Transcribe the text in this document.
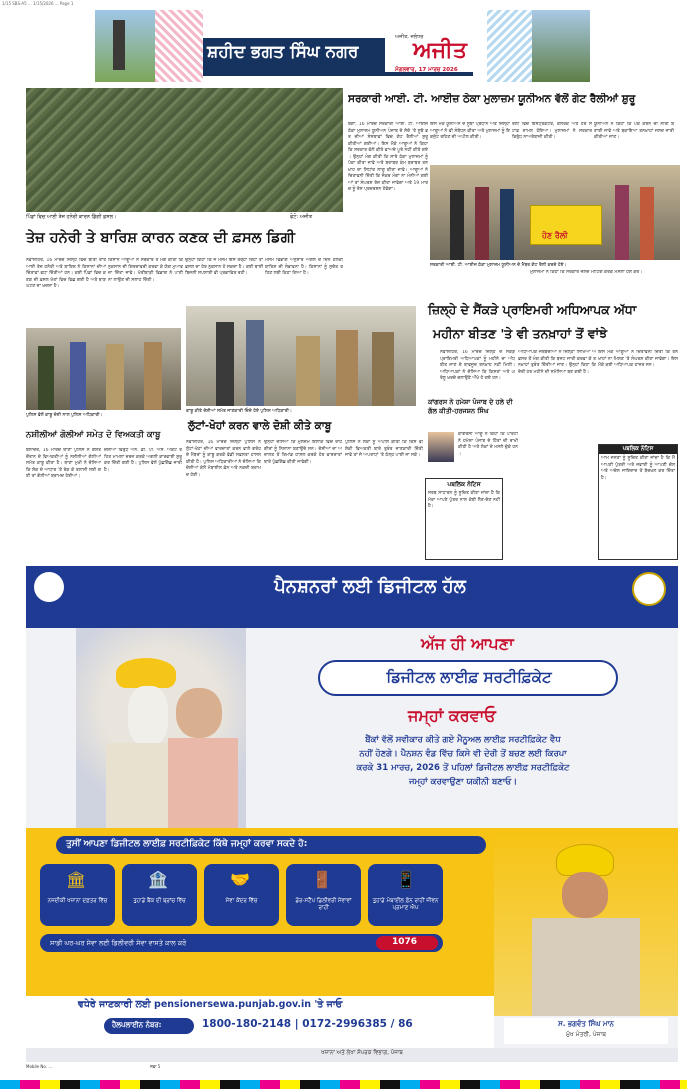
1/15 SBS-A5 ... 1/15/2026 ... Page 1
ਸ਼ਹੀਦ ਭਗਤ ਸਿੰਘ ਨਗਰ
ਅਜੀਤ, ਜਲੰਧਰ
ਅਜੀਤ
ਮੰਗਲਵਾਰ, 17 ਮਾਰਚ 2026
ਪਿੰਡਾਂ ਵਿਚ ਆਈ ਤੇਜ਼ ਹਨੇਰੀ ਕਾਰਨ ਡਿੱਗੀ ਫ਼ਸਲ।	ਫੋਟੋ: ਅਜੀਤ
ਤੇਜ਼ ਹਨੇਰੀ ਤੇ ਬਾਰਿਸ਼ ਕਾਰਨ ਕਣਕ ਦੀ ਫ਼ਸਲ ਡਿਗੀ
ਨਵਾਂਸ਼ਹਿਰ, 16 ਮਾਰਚ ਜ਼ਿਲ੍ਹੇ ਵਿਚ ਬੀਤੀ ਰਾਤ ਆਈ ਤੇਜ਼ ਹਨੇਰੀ ਅਤੇ ਬਾਰਿਸ਼ ਨੇ ਕਿਸਾਨਾਂ ਦੀਆਂ ਚਿੰਤਾਵਾਂ ਵਧਾ ਦਿੱਤੀਆਂ ਹਨ। ਕਈ ਪਿੰਡਾਂ ਵਿਚ ਕਣਕ ਦੀ ਫ਼ਸਲ ਖੇਤਾਂ ਵਿਚ ਵਿਛ ਗਈ ਹੈ ਅਤੇ ਝਾੜ ਘਟਣ ਦਾ ਖ਼ਦਸ਼ਾ ਹੈ।
ਕਿਸਾਨ ਆਗੂਆਂ ਨੇ ਸਰਕਾਰ ਤੋਂ ਮੰਗ ਕੀਤੀ ਕਿ ਨੁਕਸਾਨ ਦੀ ਗਿਰਦਾਵਰੀ ਕਰਵਾ ਕੇ ਯੋਗ ਮੁਆਵਜ਼ਾ ਦਿੱਤਾ ਜਾਵੇ। ਖੇਤੀਬਾੜੀ ਵਿਭਾਗ ਨੇ ਪਾਣੀ ਨਾ ਲਾਉਣ ਦੀ ਸਲਾਹ ਦਿੱਤੀ।
ਉਨ੍ਹਾਂ ਕਿਹਾ ਕਿ ਜੇ ਮੌਸਮ ਇਸੇ ਤਰ੍ਹਾਂ ਰਿਹਾ ਤਾਂ ਫ਼ਸਲ ਦਾ ਹੋਰ ਨੁਕਸਾਨ ਹੋ ਸਕਦਾ ਹੈ। ਕਈ ਥਾਈਂ ਬਿਜਲੀ ਸਪਲਾਈ ਵੀ ਪ੍ਰਭਾਵਿਤ ਰਹੀ।
ਮੌਸਮ ਵਿਭਾਗ ਅਨੁਸਾਰ ਅਗਲੇ ਦੋ ਦਿਨ ਹਲਕੀ ਬਾਰਿਸ਼ ਦੀ ਸੰਭਾਵਨਾ ਹੈ। ਕਿਸਾਨਾਂ ਨੂੰ ਸੁਚੇਤ ਰਹਿਣ ਲਈ ਕਿਹਾ ਗਿਆ ਹੈ।
ਸਰਕਾਰੀ ਆਈ. ਟੀ. ਆਈਜ਼ ਠੇਕਾ ਮੁਲਾਜ਼ਮ ਯੂਨੀਅਨ ਵੱਲੋਂ ਗੇਟ ਰੈਲੀਆਂ ਸ਼ੁਰੂ
ਬੰਗਾ, 16 ਮਾਰਚ ਸਰਕਾਰੀ ਆਈ. ਟੀ. ਆਈਜ਼ ਠੇਕਾ ਮੁਲਾਜ਼ਮ ਯੂਨੀਅਨ ਪੰਜਾਬ ਦੇ ਸੱਦੇ 'ਤੇ ਸੂਬੇ ਭਰ ਦੀਆਂ ਸੰਸਥਾਵਾਂ ਵਿਚ ਗੇਟ ਰੈਲੀਆਂ ਸ਼ੁਰੂ ਕੀਤੀਆਂ ਗਈਆਂ। ਇਸ ਮੌਕੇ ਆਗੂਆਂ ਨੇ ਕਿਹਾ ਕਿ ਸਰਕਾਰ ਵੱਲੋਂ ਕੀਤੇ ਵਾਅਦੇ ਪੂਰੇ ਨਹੀਂ ਕੀਤੇ ਗਏ। ਉਨ੍ਹਾਂ ਮੰਗ ਕੀਤੀ ਕਿ ਸਾਰੇ ਠੇਕਾ ਮੁਲਾਜ਼ਮਾਂ ਨੂੰ ਪੱਕਾ ਕੀਤਾ ਜਾਵੇ ਅਤੇ ਬਰਾਬਰ ਕੰਮ ਬਰਾਬਰ ਤਨਖ਼ਾਹ ਦਾ ਸਿਧਾਂਤ ਲਾਗੂ ਕੀਤਾ ਜਾਵੇ। ਆਗੂਆਂ ਨੇ ਚਿਤਾਵਨੀ ਦਿੱਤੀ ਕਿ ਜੇਕਰ ਮੰਗਾਂ ਨਾ ਮੰਨੀਆਂ ਗਈਆਂ ਤਾਂ ਸੰਘਰਸ਼ ਤੇਜ਼ ਕੀਤਾ ਜਾਵੇਗਾ ਅਤੇ 19 ਮਾਰਚ ਨੂੰ ਰੋਸ ਪ੍ਰਦਰਸ਼ਨ ਹੋਵੇਗਾ।
ਇਸ ਮੌਕੇ ਯੂਨੀਅਨ ਦੇ ਸੂਬਾ ਪ੍ਰਧਾਨ ਅਤੇ ਜ਼ਿਲ੍ਹਾ ਆਗੂਆਂ ਨੇ ਵੀ ਸੰਬੋਧਨ ਕੀਤਾ ਅਤੇ ਮੁਲਾਜ਼ਮਾਂ ਨੂੰ ਇਕਜੁੱਟ ਰਹਿਣ ਦੀ ਅਪੀਲ ਕੀਤੀ।
ਰੈਲੀ ਵਿਚ ਇੰਸਟ੍ਰਕਟਰ, ਕਲਰਕ ਅਤੇ ਹੋਰ ਸਟਾਫ਼ ਸ਼ਾਮਲ ਹੋਇਆ। ਮੁਲਾਜ਼ਮਾਂ ਨੇ ਸਰਕਾਰ ਵਿਰੁੱਧ ਨਾਅਰੇਬਾਜ਼ੀ ਕੀਤੀ।
ਯੂਨੀਅਨ ਨੇ ਕਿਹਾ ਕਿ ਪੱਕੇ ਕਰਨ ਦੀ ਨੀਤੀ ਬਣਾਈ ਜਾਵੇ ਅਤੇ ਬਕਾਇਆ ਤਨਖ਼ਾਹਾਂ ਜਲਦ ਜਾਰੀ ਕੀਤੀਆਂ ਜਾਣ।
ਹੋਣ ਰੈਲੀ
ਸਰਕਾਰੀ ਆਈ. ਟੀ. ਆਈਜ਼ ਠੇਕਾ ਮੁਲਾਜ਼ਮ ਯੂਨੀਅਨ ਦੇ ਮੈਂਬਰ ਗੇਟ ਰੈਲੀ ਕਰਦੇ ਹੋਏ।
ਮੁਲਾਜ਼ਮਾਂ ਨੇ ਕਿਹਾ ਕਿ ਸਰਕਾਰ ਜਲਦ ਮੀਟਿੰਗ ਕਰਕੇ ਮਸਲਾ ਹੱਲ ਕਰੇ।
ਜ਼ਿਲ੍ਹੇ ਦੇ ਸੈਂਕੜੇ ਪ੍ਰਾਇਮਰੀ ਅਧਿਆਪਕ ਅੱਧਾ
ਮਹੀਨਾ ਬੀਤਣ 'ਤੇ ਵੀ ਤਨਖ਼ਾਹਾਂ ਤੋਂ ਵਾਂਝੇ
ਨਵਾਂਸ਼ਹਿਰ, 16 ਮਾਰਚ ਜ਼ਿਲ੍ਹੇ ਦੇ ਸੈਂਕੜੇ ਪ੍ਰਾਇਮਰੀ ਅਧਿਆਪਕਾਂ ਨੂੰ ਮਹੀਨੇ ਦਾ ਅੱਧ ਬੀਤ ਜਾਣ ਦੇ ਬਾਵਜੂਦ ਤਨਖ਼ਾਹ ਨਹੀਂ ਮਿਲੀ। ਅਧਿਆਪਕਾਂ ਨੇ ਦੱਸਿਆ ਕਿ ਕਿਸ਼ਤਾਂ ਅਤੇ ਘਰੇਲੂ ਖ਼ਰਚੇ ਚਲਾਉਣੇ ਔਖੇ ਹੋ ਗਏ ਹਨ।
ਅਧਿਆਪਕ ਜਥੇਬੰਦੀਆਂ ਨੇ ਜ਼ਿਲ੍ਹਾ ਸਿੱਖਿਆ ਅਫ਼ਸਰ ਤੋਂ ਮੰਗ ਕੀਤੀ ਕਿ ਬਜਟ ਜਾਰੀ ਕਰਵਾ ਕੇ ਤਨਖ਼ਾਹਾਂ ਤੁਰੰਤ ਦਿੱਤੀਆਂ ਜਾਣ। ਉਨ੍ਹਾਂ ਕਿਹਾ ਕਿ ਦੇਰੀ ਹਰ ਮਹੀਨੇ ਦੀ ਸਮੱਸਿਆ ਬਣ ਗਈ ਹੈ।
ਇਸ ਮੌਕੇ ਆਗੂਆਂ ਨੇ ਚਿਤਾਵਨੀ ਦਿੱਤੀ ਕਿ ਤਨਖ਼ਾਹਾਂ ਨਾ ਮਿਲਣ 'ਤੇ ਸੰਘਰਸ਼ ਕੀਤਾ ਜਾਵੇਗਾ। ਇਸ ਮੌਕੇ ਕਈ ਅਧਿਆਪਕ ਹਾਜ਼ਰ ਸਨ।
ਕਾਂਗਰਸ ਨੇ ਹਮੇਸ਼ਾ ਪੰਜਾਬ ਦੇ ਹਲੇ ਦੀ ਗੱਲ ਕੀਤੀ-ਹਰਜਸ਼ਨ ਸਿੰਘ
ਕਾਂਗਰਸੀ ਆਗੂ ਨੇ ਕਿਹਾ ਕਿ ਪਾਰਟੀ ਨੇ ਹਮੇਸ਼ਾ ਪੰਜਾਬ ਦੇ ਹਿੱਤਾਂ ਦੀ ਰਾਖੀ ਕੀਤੀ ਹੈ ਅਤੇ ਲੋਕਾਂ ਦੇ ਮਸਲੇ ਚੁੱਕੇ ਹਨ।
ਪੁਲਿਸ ਵੱਲੋਂ ਕਾਬੂ ਦੋਸ਼ੀ ਨਾਲ ਪੁਲਿਸ ਅਧਿਕਾਰੀ।
ਨਸ਼ੀਲੀਆਂ ਗੋਲੀਆਂ ਸਮੇਤ ਦੋ ਵਿਅਕਤੀ ਕਾਬੂ
ਬਲਾਚੌਰ, 16 ਮਾਰਚ ਥਾਣਾ ਪੁਲਿਸ ਨੇ ਗਸ਼ਤ ਦੌਰਾਨ ਦੋ ਵਿਅਕਤੀਆਂ ਨੂੰ ਨਸ਼ੀਲੀਆਂ ਗੋਲੀਆਂ ਸਮੇਤ ਕਾਬੂ ਕੀਤਾ ਹੈ। ਥਾਣਾ ਮੁਖੀ ਨੇ ਦੱਸਿਆ ਕਿ ਸ਼ੱਕ ਦੇ ਆਧਾਰ 'ਤੇ ਰੋਕ ਕੇ ਤਲਾਸ਼ੀ ਲਈ ਗਈ ਤਾਂ ਗੋਲੀਆਂ ਬਰਾਮਦ ਹੋਈਆਂ।
ਦੋਸ਼ੀਆਂ ਵਿਰੁੱਧ ਐਨ. ਡੀ. ਪੀ. ਐਸ. ਐਕਟ ਤਹਿਤ ਮਾਮਲਾ ਦਰਜ ਕਰਕੇ ਅਗਲੀ ਕਾਰਵਾਈ ਸ਼ੁਰੂ ਕਰ ਦਿੱਤੀ ਗਈ ਹੈ। ਪੁਲਿਸ ਵੱਲੋਂ ਪੁੱਛਗਿੱਛ ਜਾਰੀ ਹੈ।
ਕਾਬੂ ਕੀਤੇ ਦੋਸ਼ੀਆਂ ਸਮੇਤ ਜਾਣਕਾਰੀ ਦਿੰਦੇ ਹੋਏ ਪੁਲਿਸ ਅਧਿਕਾਰੀ।
ਲੁੱਟਾਂ-ਖੋਹਾਂ ਕਰਨ ਵਾਲੇ ਦੋਸ਼ੀ ਕੀਤੇ ਕਾਬੂ
ਨਵਾਂਸ਼ਹਿਰ, 16 ਮਾਰਚ ਜ਼ਿਲ੍ਹਾ ਪੁਲਿਸ ਨੇ ਲੁੱਟਾਂ-ਖੋਹਾਂ ਦੀਆਂ ਵਾਰਦਾਤਾਂ ਕਰਨ ਵਾਲੇ ਗਰੋਹ ਦੇ ਮੈਂਬਰਾਂ ਨੂੰ ਕਾਬੂ ਕਰਕੇ ਵੱਡੀ ਸਫ਼ਲਤਾ ਹਾਸਲ ਕੀਤੀ ਹੈ। ਪੁਲਿਸ ਅਧਿਕਾਰੀਆਂ ਨੇ ਦੱਸਿਆ ਕਿ ਦੋਸ਼ੀਆਂ ਕੋਲੋਂ ਮੋਬਾਈਲ ਫ਼ੋਨ ਅਤੇ ਨਕਦੀ ਬਰਾਮਦ ਹੋਈ।
ਉਨ੍ਹਾਂ ਦੱਸਿਆ ਕਿ ਮੁਲਜ਼ਮ ਇਲਾਕੇ ਵਿਚ ਰਾਹਗੀਰਾਂ ਨੂੰ ਨਿਸ਼ਾਨਾ ਬਣਾਉਂਦੇ ਸਨ। ਦੋਸ਼ੀਆਂ ਦਾ ਅਦਾਲਤ ਤੋਂ ਰਿਮਾਂਡ ਹਾਸਲ ਕਰਕੇ ਹੋਰ ਵਾਰਦਾਤਾਂ ਬਾਰੇ ਪੁੱਛਗਿੱਛ ਕੀਤੀ ਜਾਵੇਗੀ।
ਪੁਲਿਸ ਨੇ ਲੋਕਾਂ ਨੂੰ ਅਪੀਲ ਕੀਤੀ ਕਿ ਕਿਸੇ ਵੀ ਸ਼ੱਕੀ ਵਿਅਕਤੀ ਬਾਰੇ ਤੁਰੰਤ ਜਾਣਕਾਰੀ ਦਿੱਤੀ ਜਾਵੇ ਤਾਂ ਜੋ ਅਪਰਾਧਾਂ 'ਤੇ ਠੱਲ੍ਹ ਪਾਈ ਜਾ ਸਕੇ।
ਪਬਲਿਕ ਨੋਟਿਸ
ਸਰਬ ਸਾਧਾਰਨ ਨੂੰ ਸੂਚਿਤ ਕੀਤਾ ਜਾਂਦਾ ਹੈ ਕਿ ਮੇਰਾ ਆਪਣੇ ਪੁੱਤਰ ਨਾਲ ਕੋਈ ਲੈਣ-ਦੇਣ ਨਹੀਂ ਹੈ।
ਪਬਲਿਕ ਨੋਟਿਸ
ਆਮ ਜਨਤਾ ਨੂੰ ਸੂਚਿਤ ਕੀਤਾ ਜਾਂਦਾ ਹੈ ਕਿ ਮੈਂ ਆਪਣੀ ਪੁੱਤਰੀ ਅਤੇ ਜਵਾਈ ਨੂੰ ਆਪਣੀ ਚੱਲ ਅਤੇ ਅਚੱਲ ਜਾਇਦਾਦ ਤੋਂ ਬੇਦਖ਼ਲ ਕਰ ਦਿੱਤਾ ਹੈ।
ਪੈਨਸ਼ਨਰਾਂ ਲਈ ਡਿਜੀਟਲ ਹੱਲ
ਅੱਜ ਹੀ ਆਪਣਾ
ਡਿਜੀਟਲ ਲਾਈਫ਼ ਸਰਟੀਫ਼ਿਕੇਟ
ਜਮ੍ਹਾਂ ਕਰਵਾਓ
ਬੈਂਕਾਂ ਵੱਲੋਂ ਸਵੀਕਾਰ ਕੀਤੇ ਗਏ ਮੈਨੂਅਲ ਲਾਈਫ਼ ਸਰਟੀਫ਼ਿਕੇਟ ਵੈਧ
ਨਹੀਂ ਹੋਣਗੇ। ਪੈਨਸ਼ਨ ਵੰਡ ਵਿੱਚ ਕਿਸੇ ਵੀ ਦੇਰੀ ਤੋਂ ਬਚਣ ਲਈ ਕਿਰਪਾ
ਕਰਕੇ 31 ਮਾਰਚ, 2026 ਤੋਂ ਪਹਿਲਾਂ ਡਿਜੀਟਲ ਲਾਈਫ਼ ਸਰਟੀਫ਼ਿਕੇਟ
ਜਮ੍ਹਾਂ ਕਰਵਾਉਣਾ ਯਕੀਨੀ ਬਣਾਓ।
ਤੁਸੀਂ ਆਪਣਾ ਡਿਜੀਟਲ ਲਾਈਫ਼ ਸਰਟੀਫ਼ਿਕੇਟ ਕਿੱਥੇ ਜਮ੍ਹਾਂ ਕਰਵਾ ਸਕਦੇ ਹੋ:
🏛
ਨਜ਼ਦੀਕੀ ਖਜ਼ਾਨਾ ਦਫ਼ਤਰ ਵਿੱਚ
🏦
ਤੁਹਾਡੇ ਬੈਂਕ ਦੀ ਬ੍ਰਾਂਚ ਵਿੱਚ
🤝
ਸੇਵਾ ਕੇਂਦਰ ਵਿੱਚ
🚪
ਡੋਰ-ਸਟੈੱਪ ਡਿਲੀਵਰੀ ਸੇਵਾਵਾਂ ਰਾਹੀਂ
📱
ਤੁਹਾਡੇ ਮੋਬਾਈਲ ਫ਼ੋਨ ਰਾਹੀਂ ਜੀਵਨ ਪ੍ਰਮਾਣ ਐਪ
ਸਾਡੀ ਘਰ-ਘਰ ਸੇਵਾ ਲਈ ਡਿਲੀਵਰੀ ਸੇਵਾ ਵਾਸਤੇ ਕਾਲ ਕਰੋ	1076
ਵਧੇਰੇ ਜਾਣਕਾਰੀ ਲਈ pensionersewa.punjab.gov.in 'ਤੇ ਜਾਓ
ਹੈਲਪਲਾਈਨ ਨੰਬਰ:	1800-180-2148 | 0172-2996385 / 86	ਸ. ਭਗਵੰਤ ਸਿੰਘ ਮਾਨ
ਮੁੱਖ ਮੰਤਰੀ, ਪੰਜਾਬ
ਖਜ਼ਾਨਾ ਅਤੇ ਲੇਖਾ ਸੰਪਰਕ ਵਿਭਾਗ, ਪੰਜਾਬ
Mobile No. ...	ਸਫ਼ਾ 5
